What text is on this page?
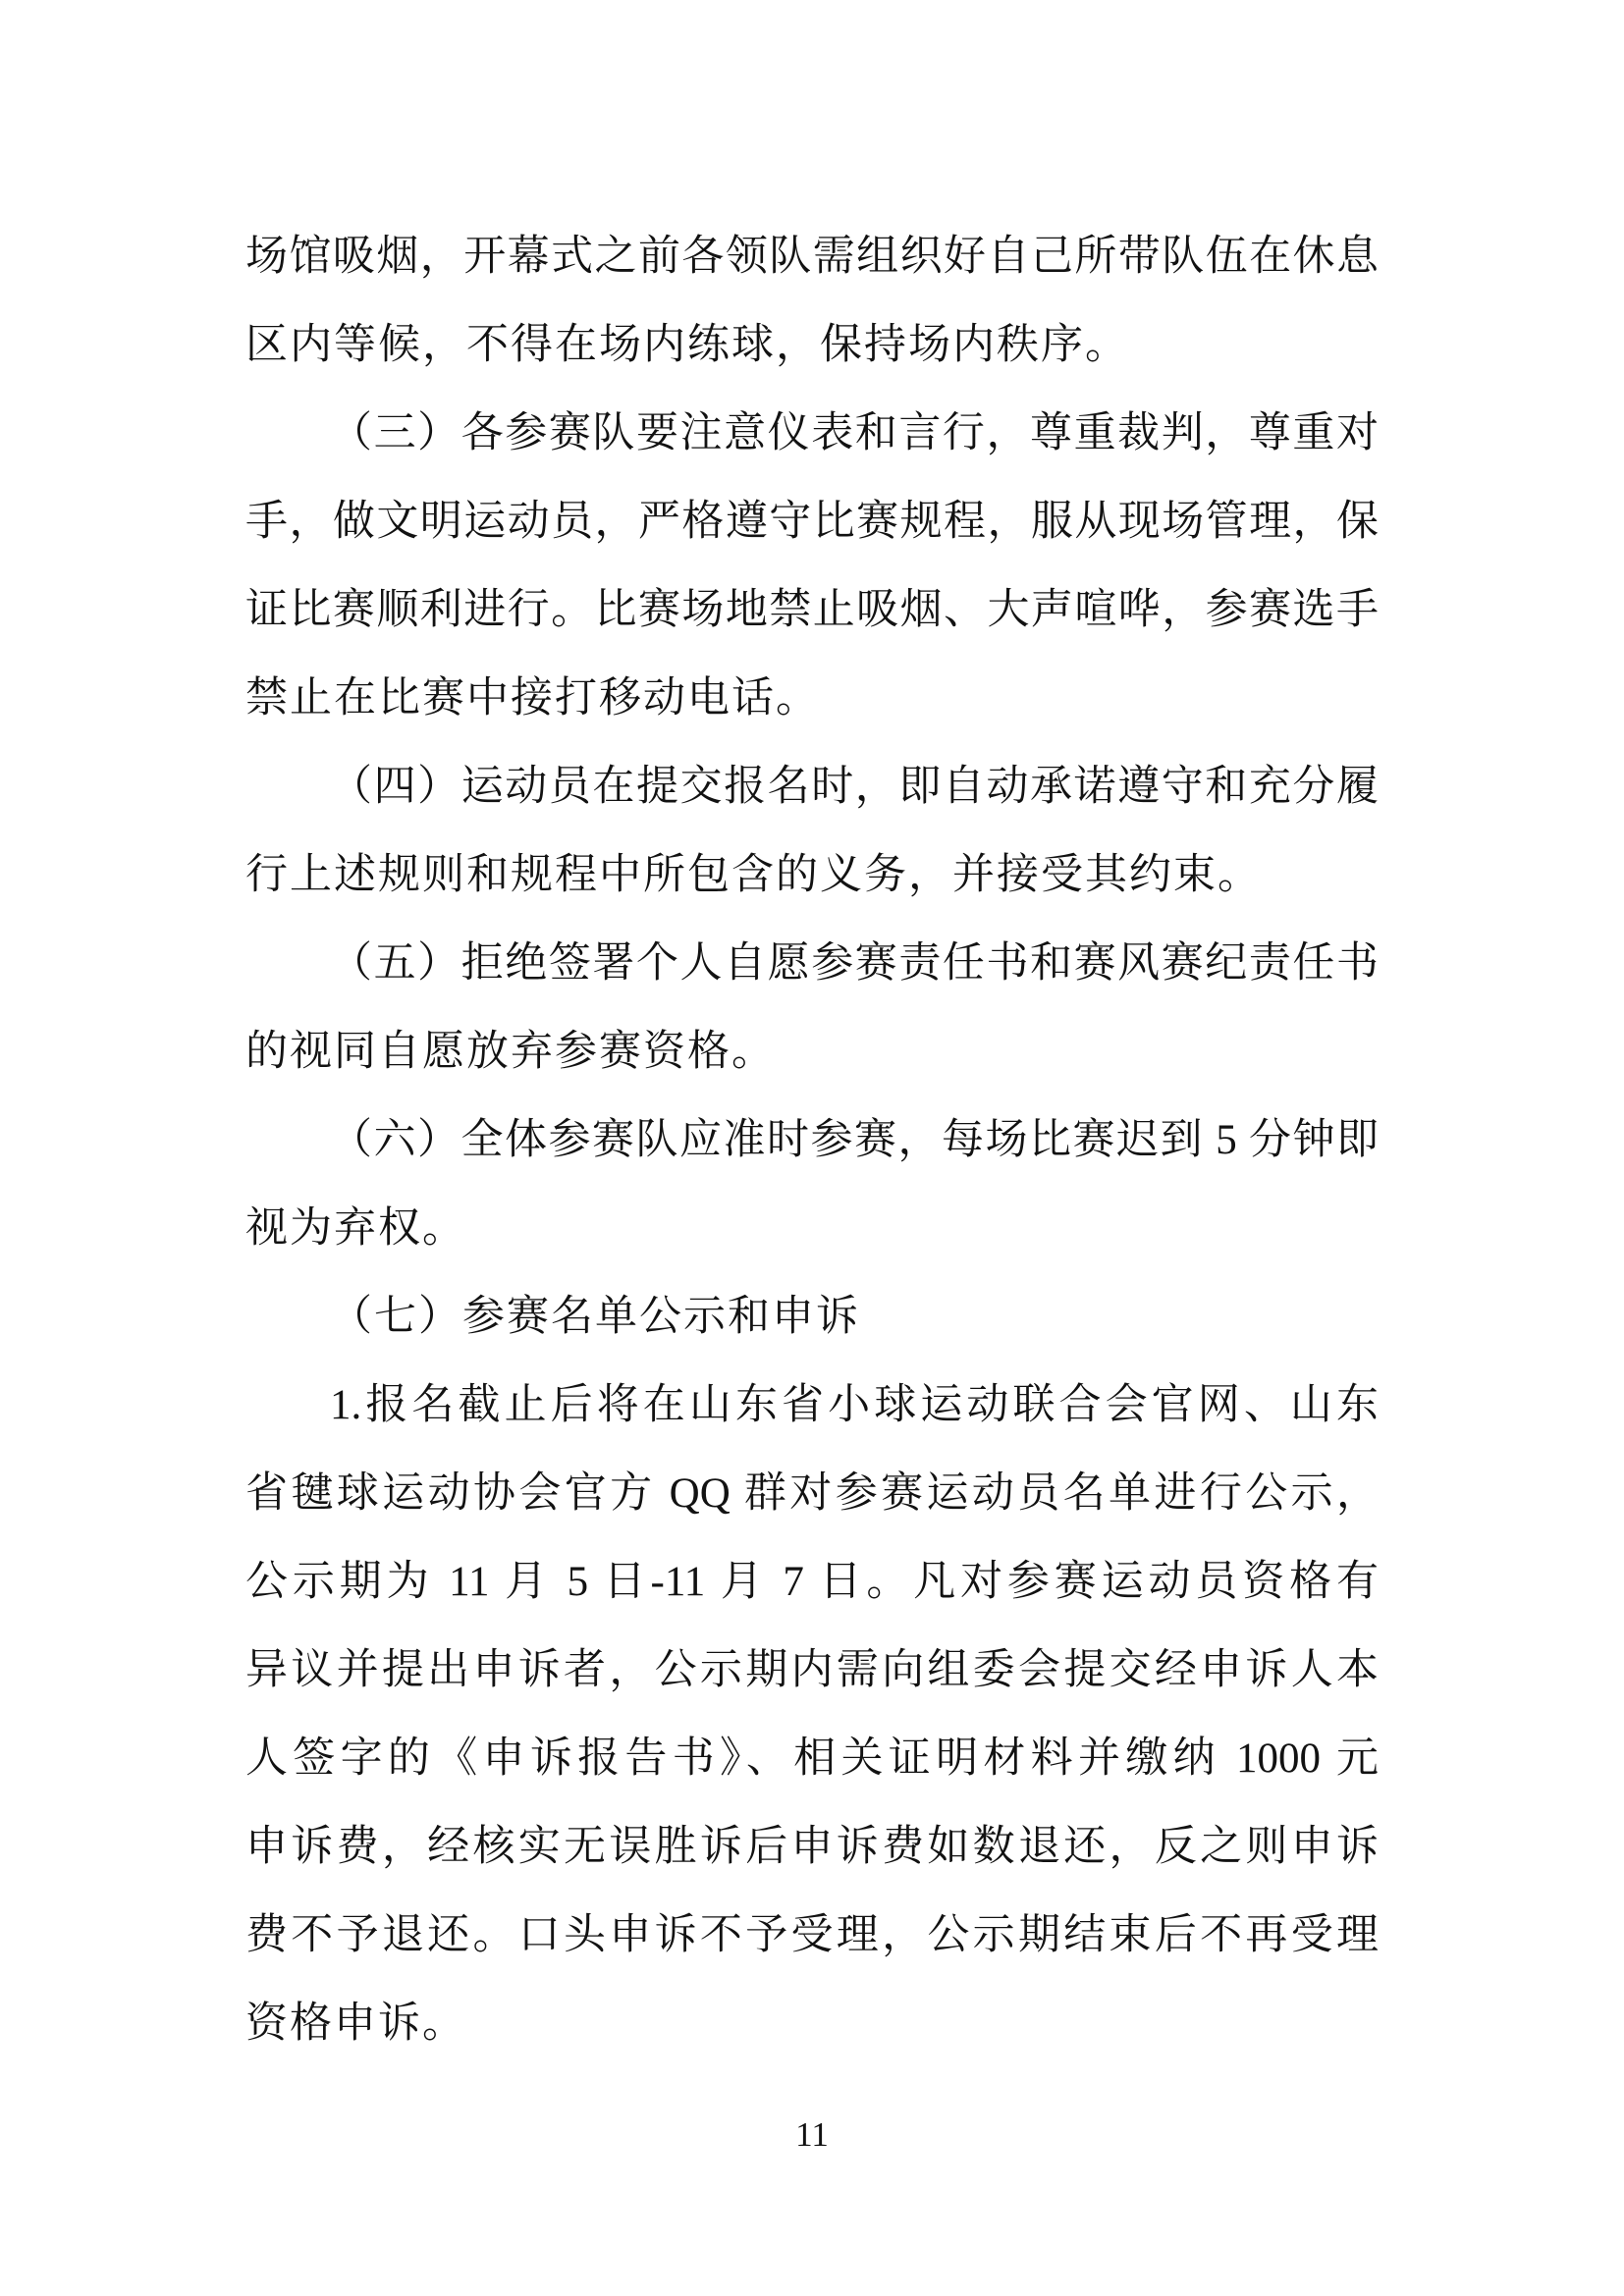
场馆吸烟，开幕式之前各领队需组织好自己所带队伍在休息
区内等候，不得在场内练球，保持场内秩序。
（三）各参赛队要注意仪表和言行，尊重裁判，尊重对
手，做文明运动员，严格遵守比赛规程，服从现场管理，保
证比赛顺利进行。比赛场地禁止吸烟、大声喧哗，参赛选手
禁止在比赛中接打移动电话。
（四）运动员在提交报名时，即自动承诺遵守和充分履
行上述规则和规程中所包含的义务，并接受其约束。
（五）拒绝签署个人自愿参赛责任书和赛风赛纪责任书
的视同自愿放弃参赛资格。
（六）全体参赛队应准时参赛，每场比赛迟到 5 分钟即
视为弃权。
（七）参赛名单公示和申诉
1.报名截止后将在山东省小球运动联合会官网、山东
省毽球运动协会官方 QQ 群对参赛运动员名单进行公示，
公示期为 11 月 5 日-11 月 7 日。凡对参赛运动员资格有
异议并提出申诉者，公示期内需向组委会提交经申诉人本
人签字的《申诉报告书》、相关证明材料并缴纳 1000 元
申诉费，经核实无误胜诉后申诉费如数退还，反之则申诉
费不予退还。口头申诉不予受理，公示期结束后不再受理
资格申诉。
11
